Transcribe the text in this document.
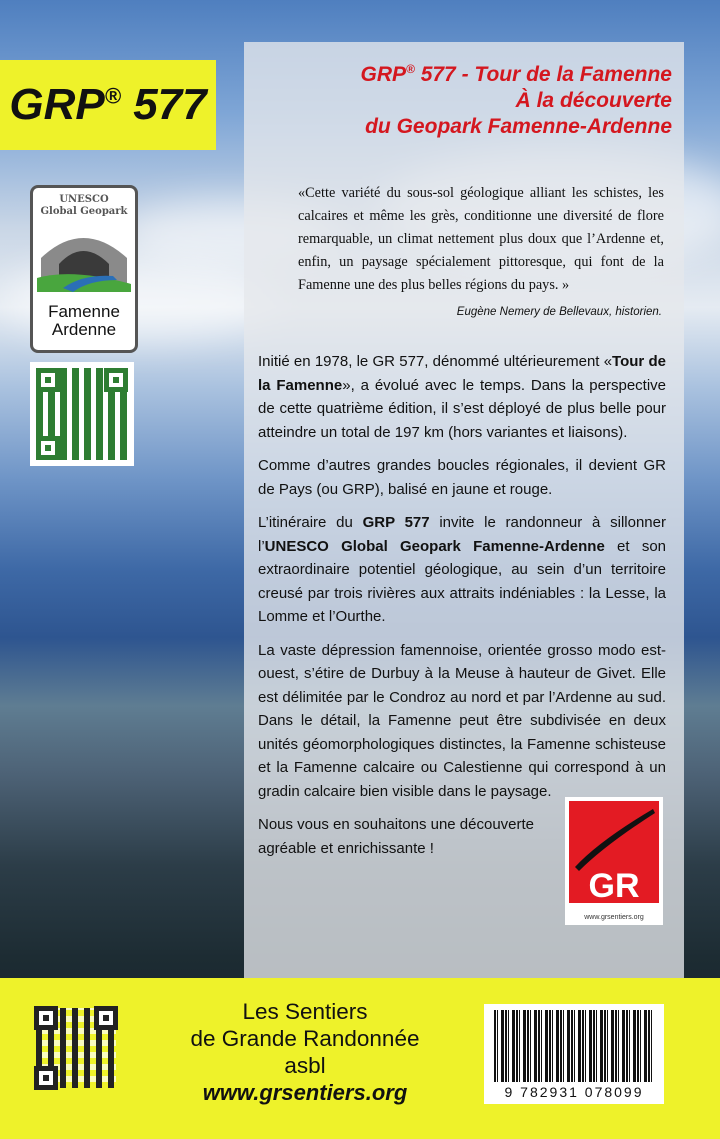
GRP® 577
UNESCO
Global Geopark
Famenne
Ardenne
GRP® 577 - Tour de la Famenne
À la découverte
du Geopark Famenne-Ardenne
«Cette variété du sous-sol géologique alliant les schistes, les calcaires et même les grès, conditionne une diversité de flore remarquable, un climat nettement plus doux que l’Ardenne et, enfin, un paysage spécialement pittoresque, qui font de la Famenne une des plus belles régions du pays. »
Eugène Nemery de Bellevaux, historien.

Initié en 1978, le GR 577, dénommé ultérieurement «Tour de la Famenne», a évolué avec le temps. Dans la perspective de cette quatrième édition, il s’est déployé de plus belle pour atteindre un total de 197 km (hors variantes et liaisons).

Comme d’autres grandes boucles régionales, il devient GR de Pays (ou GRP), balisé en jaune et rouge.

L’itinéraire du GRP 577 invite le randonneur à sillonner l’UNESCO Global Geopark Famenne-Ardenne et son extraordinaire potentiel géologique, au sein d’un territoire creusé par trois rivières aux attraits indéniables : la Lesse, la Lomme et l’Ourthe.

La vaste dépression famennoise, orientée grosso modo est-ouest, s’étire de Durbuy à la Meuse à hauteur de Givet. Elle est délimitée par le Condroz au nord et par l’Ardenne au sud. Dans le détail, la Famenne peut être subdivisée en deux unités géomorphologiques distinctes, la Famenne schisteuse et la Famenne calcaire ou Calestienne qui correspond à un gradin calcaire bien visible dans le paysage.

Nous vous en souhaitons une découverte agréable et enrichissante !

GR
www.grsentiers.org
Les Sentiers
de Grande Randonnée
asbl
www.grsentiers.org	9 782931 078099
